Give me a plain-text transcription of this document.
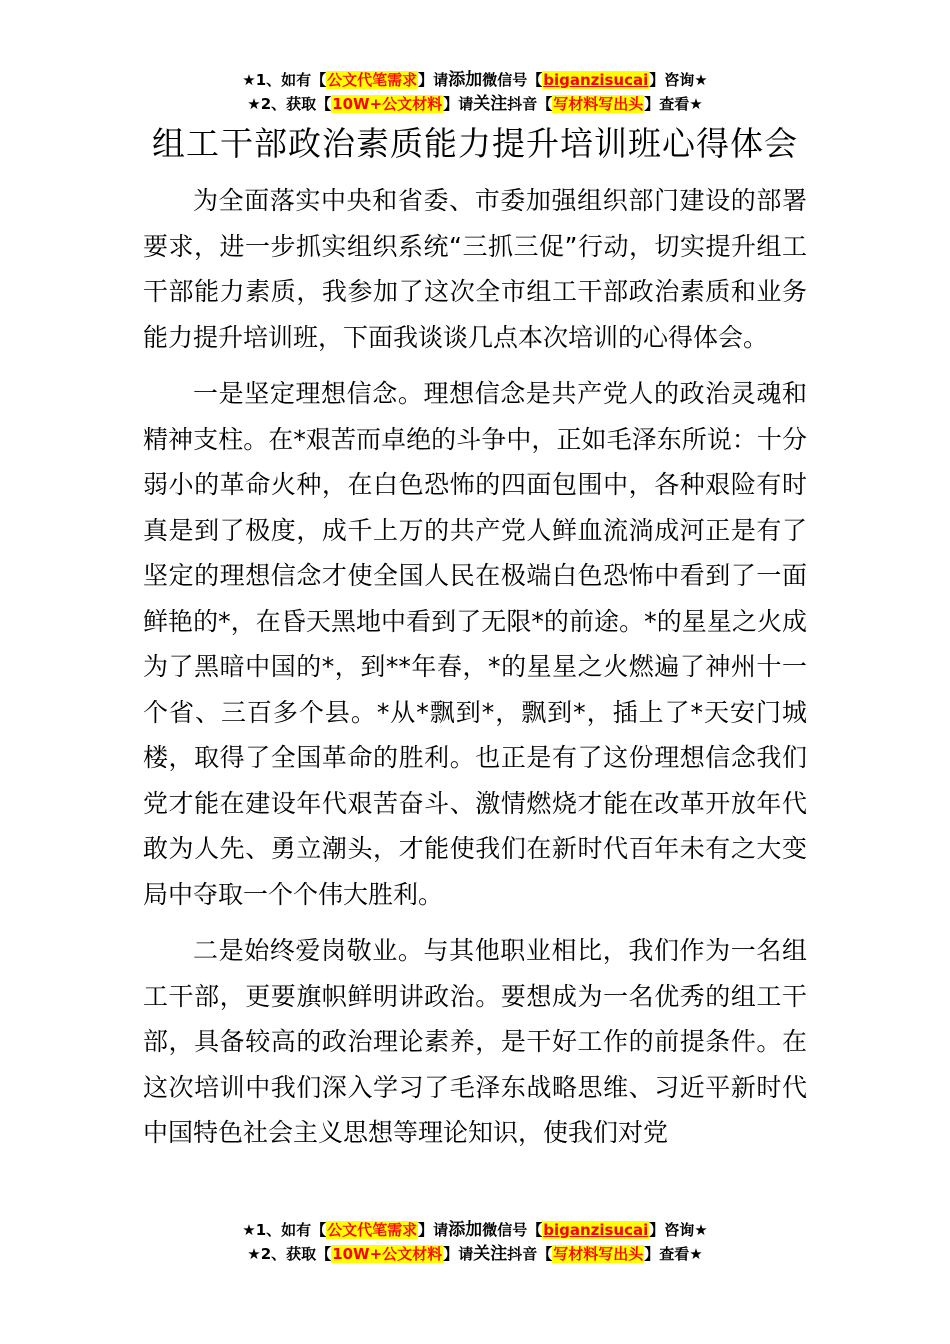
★1、如有【公文代笔需求】请添加微信号【biganzisucai】咨询★
★2、获取【10W+公文材料】请关注抖音【写材料写出头】查看★
组工干部政治素质能力提升培训班心得体会

为全面落实中央和省委、市委加强组织部门建设的部署要求，进一步抓实组织系统“三抓三促”行动，切实提升组工干部能力素质，我参加了这次全市组工干部政治素质和业务能力提升培训班，下面我谈谈几点本次培训的心得体会。

一是坚定理想信念。理想信念是共产党人的政治灵魂和精神支柱。在*艰苦而卓绝的斗争中，正如毛泽东所说：十分弱小的革命火种，在白色恐怖的四面包围中，各种艰险有时真是到了极度，成千上万的共产党人鲜血流淌成河正是有了坚定的理想信念才使全国人民在极端白色恐怖中看到了一面鲜艳的*，在昏天黑地中看到了无限*的前途。*的星星之火成为了黑暗中国的*，到**年春，*的星星之火燃遍了神州十一个省、三百多个县。*从*飘到*，飘到*，插上了*天安门城楼，取得了全国革命的胜利。也正是有了这份理想信念我们党才能在建设年代艰苦奋斗、激情燃烧才能在改革开放年代敢为人先、勇立潮头，才能使我们在新时代百年未有之大变局中夺取一个个伟大胜利。

二是始终爱岗敬业。与其他职业相比，我们作为一名组工干部，更要旗帜鲜明讲政治。要想成为一名优秀的组工干部，具备较高的政治理论素养，是干好工作的前提条件。在这次培训中我们深入学习了毛泽东战略思维、习近平新时代中国特色社会主义思想等理论知识，使我们对党

★1、如有【公文代笔需求】请添加微信号【biganzisucai】咨询★
★2、获取【10W+公文材料】请关注抖音【写材料写出头】查看★
